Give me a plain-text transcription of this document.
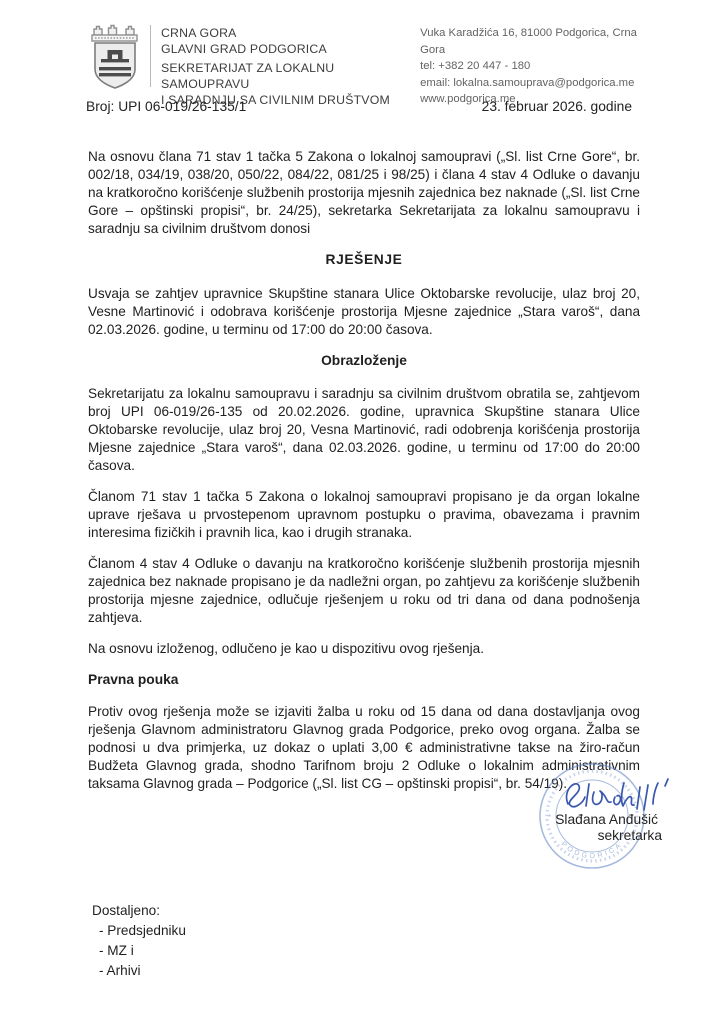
CRNA GORA
GLAVNI GRAD PODGORICA
SEKRETARIJAT ZA LOKALNU SAMOUPRAVU
I SARADNJU SA CIVILNIM DRUŠTVOM
Vuka Karadžića 16, 81000 Podgorica, Crna Gora
tel: +382 20 447 - 180
email: lokalna.samouprava@podgorica.me
www.podgorica.me
Broj: UPI 06-019/26-135/1	23. februar 2026. godine

Na osnovu člana 71 stav 1 tačka 5 Zakona o lokalnoj samoupravi („Sl. list Crne Gore“, br. 002/18, 034/19, 038/20, 050/22, 084/22, 081/25 i 98/25) i člana 4 stav 4 Odluke o davanju na kratkoročno korišćenje službenih prostorija mjesnih zajednica bez naknade („Sl. list Crne Gore – opštinski propisi“, br. 24/25), sekretarka Sekretarijata za lokalnu samoupravu i saradnju sa civilnim društvom donosi

RJEŠENJE

Usvaja se zahtjev upravnice Skupštine stanara Ulice Oktobarske revolucije, ulaz broj 20, Vesne Martinović i odobrava korišćenje prostorija Mjesne zajednice „Stara varoš“, dana 02.03.2026. godine, u terminu od 17:00 do 20:00 časova.

Obrazloženje

Sekretarijatu za lokalnu samoupravu i saradnju sa civilnim društvom obratila se, zahtjevom broj UPI 06-019/26-135 od 20.02.2026. godine, upravnica Skupštine stanara Ulice Oktobarske revolucije, ulaz broj 20, Vesna Martinović, radi odobrenja korišćenja prostorija Mjesne zajednice „Stara varoš“, dana 02.03.2026. godine, u terminu od 17:00 do 20:00 časova.

Članom 71 stav 1 tačka 5 Zakona o lokalnoj samoupravi propisano je da organ lokalne uprave rješava u prvostepenom upravnom postupku o pravima, obavezama i pravnim interesima fizičkih i pravnih lica, kao i drugih stranaka.

Članom 4 stav 4 Odluke o davanju na kratkoročno korišćenje službenih prostorija mjesnih zajednica bez naknade propisano je da nadležni organ, po zahtjevu za korišćenje službenih prostorija mjesne zajednice, odlučuje rješenjem u roku od tri dana od dana podnošenja zahtjeva.

Na osnovu izloženog, odlučeno je kao u dispozitivu ovog rješenja.

Pravna pouka

Protiv ovog rješenja može se izjaviti žalba u roku od 15 dana od dana dostavljanja ovog rješenja Glavnom administratoru Glavnog grada Podgorice, preko ovog organa. Žalba se podnosi u dva primjerka, uz dokaz o uplati 3,00 € administrativne takse na žiro-račun Budžeta Glavnog grada, shodno Tarifnom broju 2 Odluke o lokalnim administrativnim taksama Glavnog grada – Podgorice („Sl. list CG – opštinski propisi“, br. 54/19).

PODGORICA
* Slađana Anđušić
sekretarka
Dostaljeno:
- Predsjedniku
- MZ i
- Arhivi
